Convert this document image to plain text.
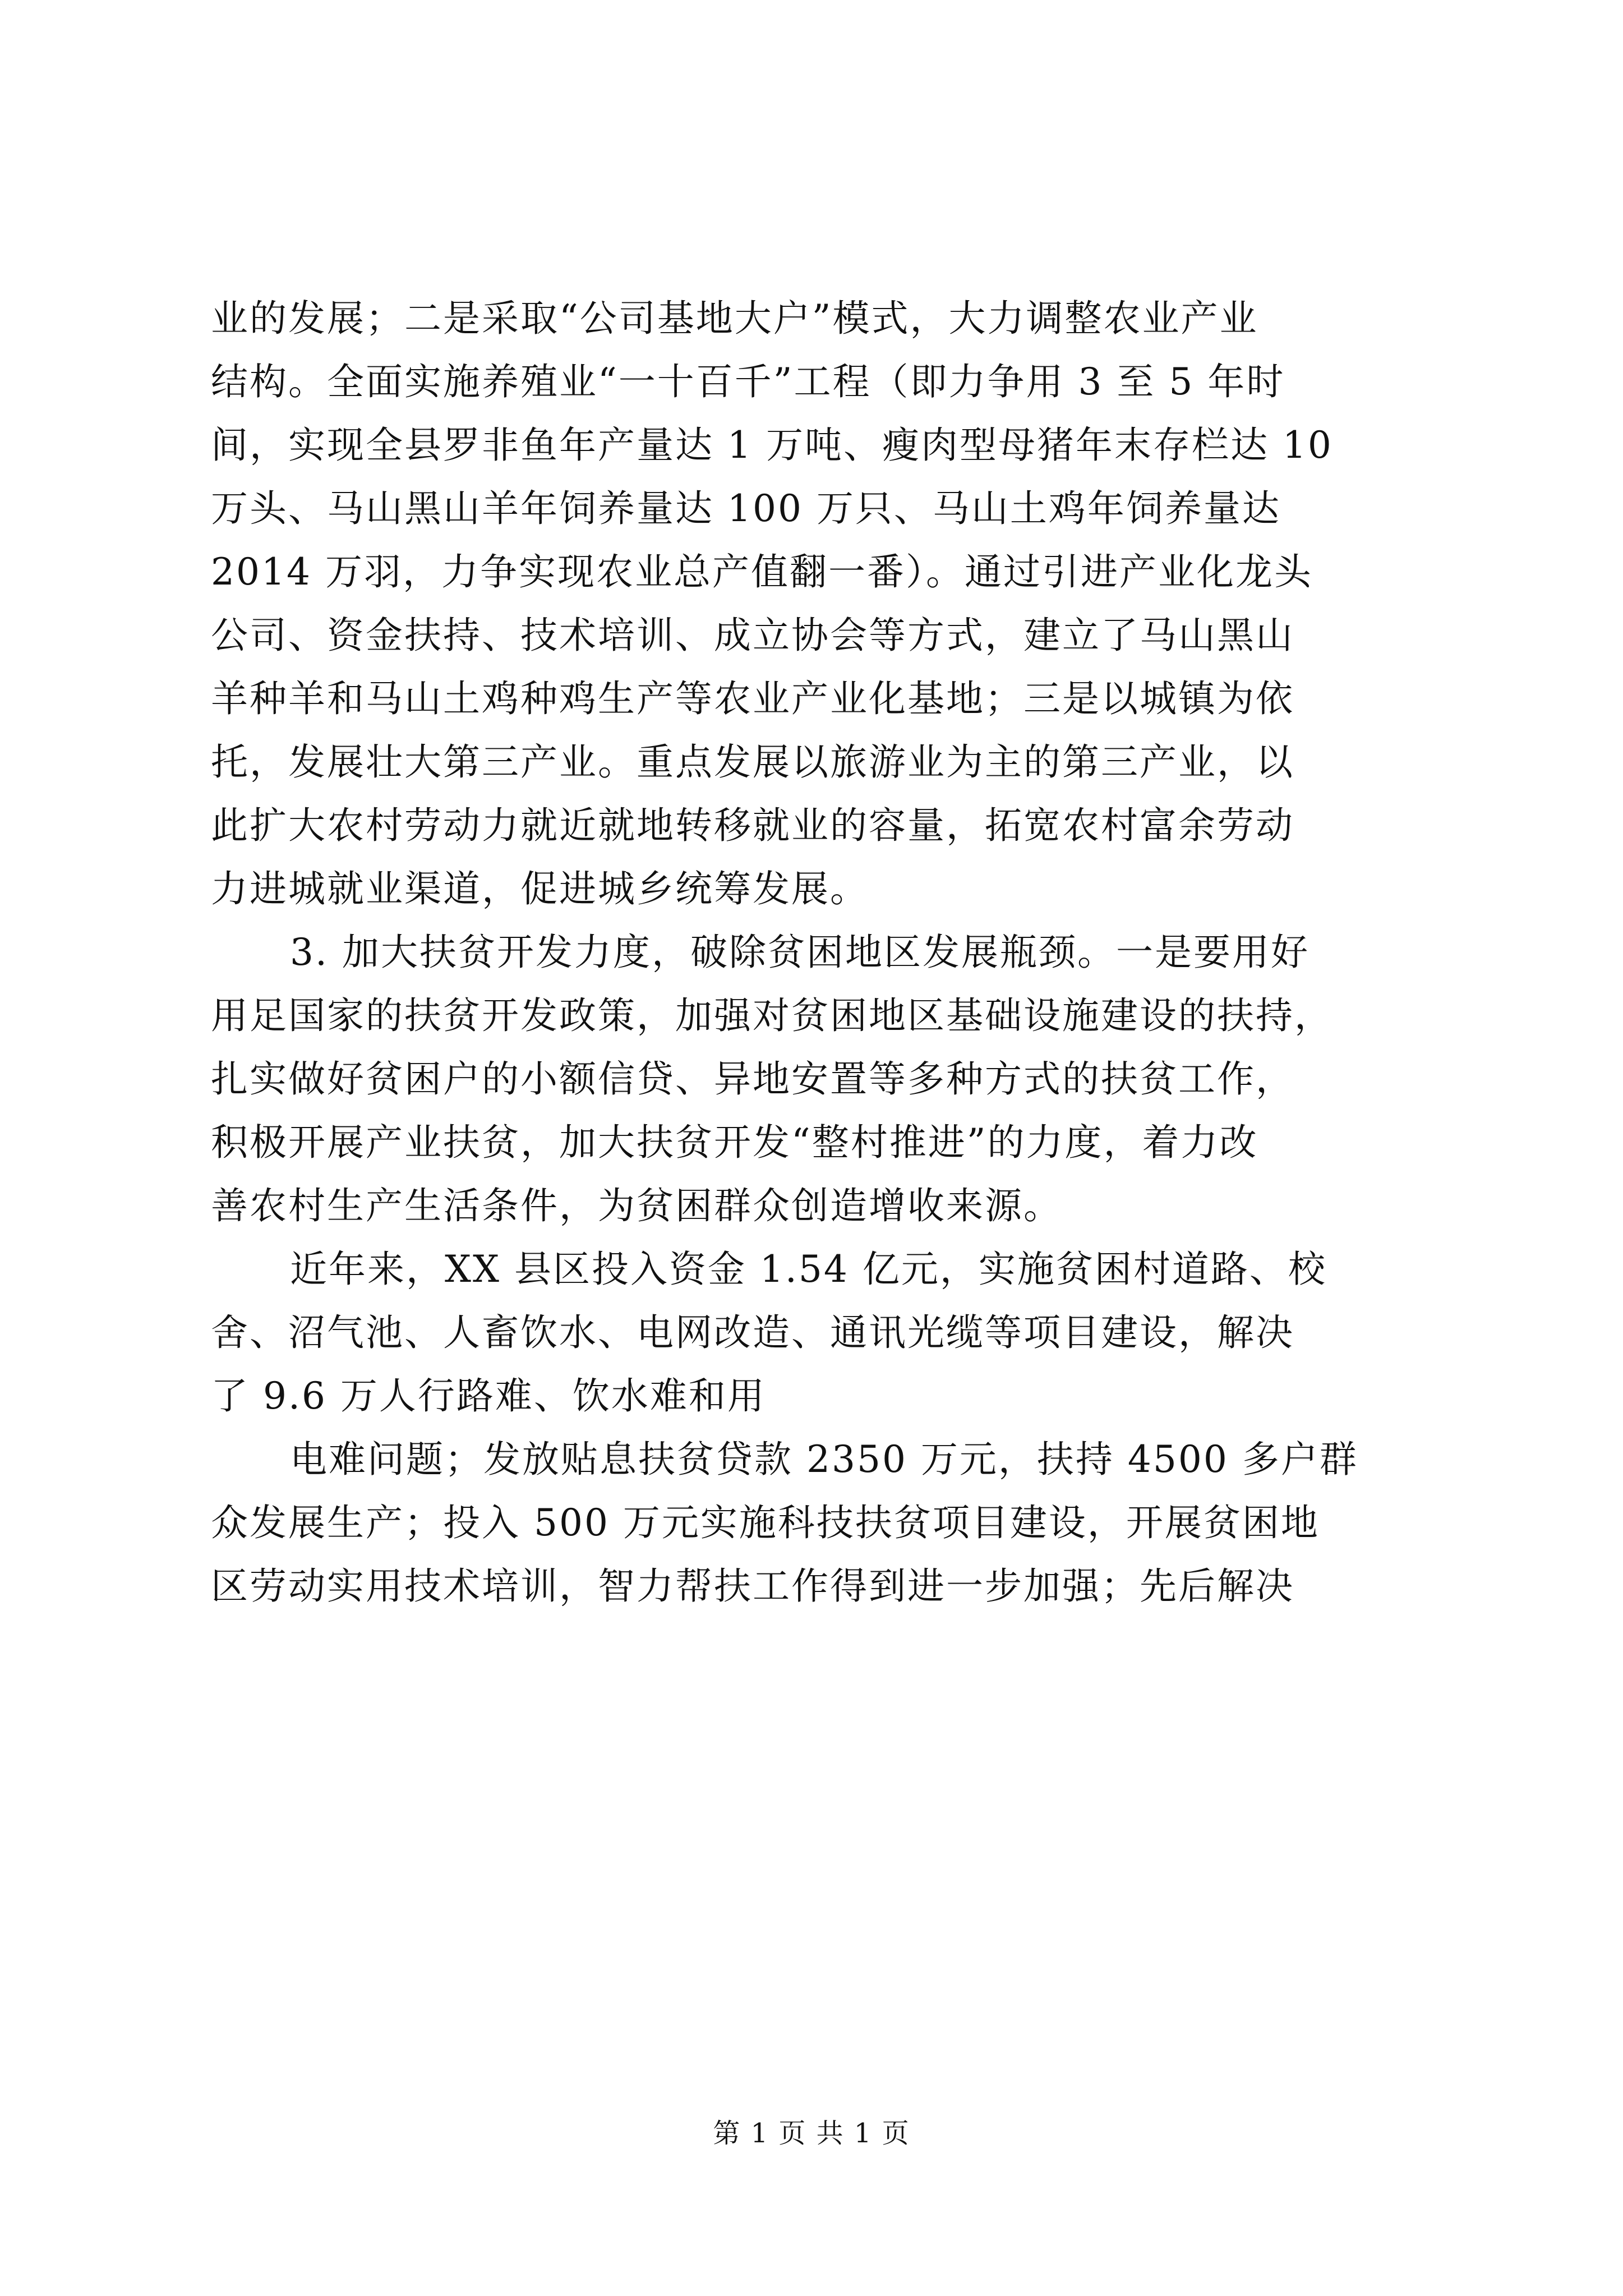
业的发展；二是采取“公司基地大户”模式，大力调整农业产业
结构。全面实施养殖业“一十百千”工程（即力争用 3 至 5 年时
间，实现全县罗非鱼年产量达 1 万吨、瘦肉型母猪年末存栏达 10
万头、马山黑山羊年饲养量达 100 万只、马山土鸡年饲养量达
2014 万羽，力争实现农业总产值翻一番）。通过引进产业化龙头
公司、资金扶持、技术培训、成立协会等方式，建立了马山黑山
羊种羊和马山土鸡种鸡生产等农业产业化基地；三是以城镇为依
托，发展壮大第三产业。重点发展以旅游业为主的第三产业，以
此扩大农村劳动力就近就地转移就业的容量，拓宽农村富余劳动
力进城就业渠道，促进城乡统筹发展。
3. 加大扶贫开发力度，破除贫困地区发展瓶颈。一是要用好
用足国家的扶贫开发政策，加强对贫困地区基础设施建设的扶持，
扎实做好贫困户的小额信贷、异地安置等多种方式的扶贫工作，
积极开展产业扶贫，加大扶贫开发“整村推进”的力度，着力改
善农村生产生活条件，为贫困群众创造增收来源。
近年来，XX 县区投入资金 1.54 亿元，实施贫困村道路、校
舍、沼气池、人畜饮水、电网改造、通讯光缆等项目建设，解决
了 9.6 万人行路难、饮水难和用
电难问题；发放贴息扶贫贷款 2350 万元，扶持 4500 多户群
众发展生产；投入 500 万元实施科技扶贫项目建设，开展贫困地
区劳动实用技术培训，智力帮扶工作得到进一步加强；先后解决
第 1 页 共 1 页
